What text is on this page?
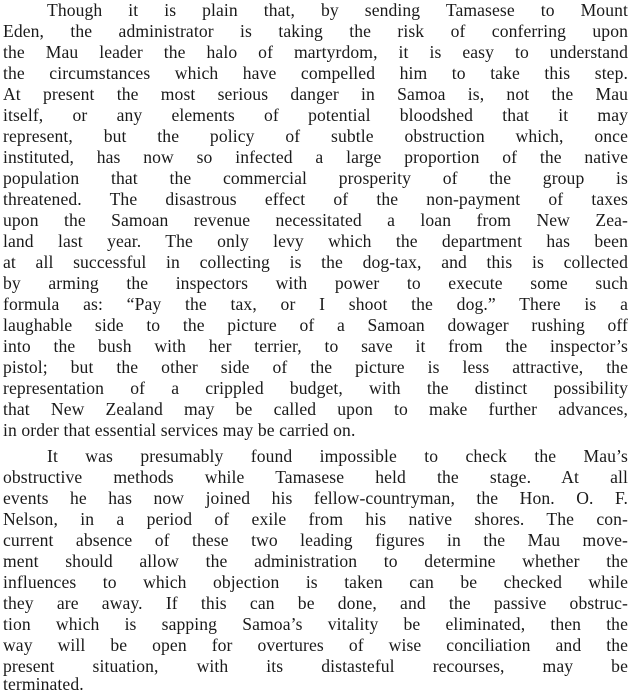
Though it is plain that, by sending Tamasese to Mount
Eden, the administrator is taking the risk of conferring upon
the Mau leader the halo of martyrdom, it is easy to understand
the circumstances which have compelled him to take this step.
At present the most serious danger in Samoa is, not the Mau
itself, or any elements of potential bloodshed that it may
represent, but the policy of subtle obstruction which, once
instituted, has now so infected a large proportion of the native
population that the commercial prosperity of the group is
threatened. The disastrous effect of the non-payment of taxes
upon the Samoan revenue necessitated a loan from New Zea-
land last year. The only levy which the department has been
at all successful in collecting is the dog-tax, and this is collected
by arming the inspectors with power to execute some such
formula as: “Pay the tax, or I shoot the dog.” There is a
laughable side to the picture of a Samoan dowager rushing off
into the bush with her terrier, to save it from the inspector’s
pistol; but the other side of the picture is less attractive, the
representation of a crippled budget, with the distinct possibility
that New Zealand may be called upon to make further advances,
in order that essential services may be carried on.
It was presumably found impossible to check the Mau’s
obstructive methods while Tamasese held the stage. At all
events he has now joined his fellow-countryman, the Hon. O. F.
Nelson, in a period of exile from his native shores. The con-
current absence of these two leading figures in the Mau move-
ment should allow the administration to determine whether the
influences to which objection is taken can be checked while
they are away. If this can be done, and the passive obstruc-
tion which is sapping Samoa’s vitality be eliminated, then the
way will be open for overtures of wise conciliation and the
present situation, with its distasteful recourses, may be
terminated.
